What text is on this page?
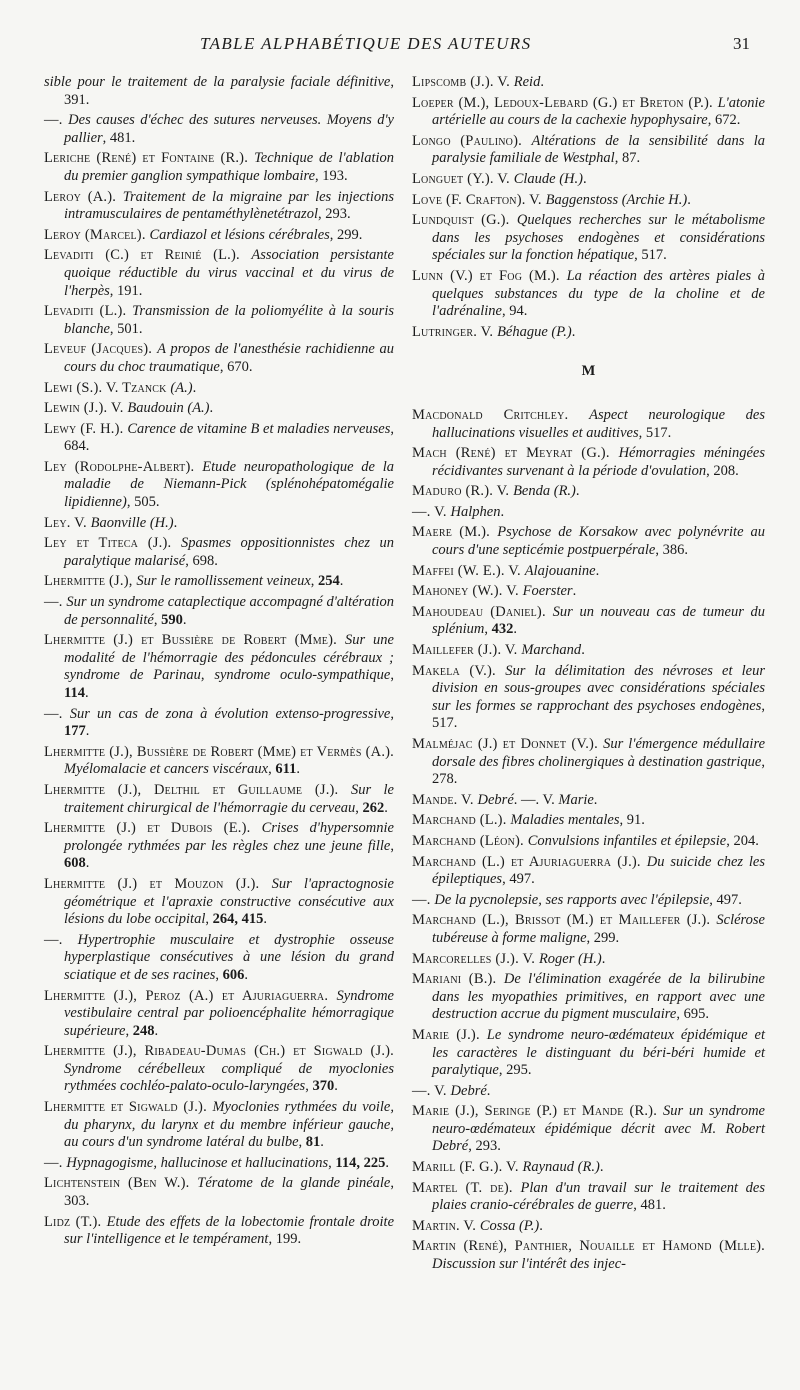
TABLE ALPHABÉTIQUE DES AUTEURS	31

sible pour le traitement de la paralysie faciale définitive, 391.

—. Des causes d'échec des sutures nerveuses. Moyens d'y pallier, 481.

Leriche (René) et Fontaine (R.). Technique de l'ablation du premier ganglion sympathique lombaire, 193.

Leroy (A.). Traitement de la migraine par les injections intramusculaires de pentaméthylènetétrazol, 293.

Leroy (Marcel). Cardiazol et lésions cérébrales, 299.

Levaditi (C.) et Reinié (L.). Association persistante quoique réductible du virus vaccinal et du virus de l'herpès, 191.

Levaditi (L.). Transmission de la poliomyélite à la souris blanche, 501.

Leveuf (Jacques). A propos de l'anesthésie rachidienne au cours du choc traumatique, 670.

Lewi (S.). V. Tzanck (A.).

Lewin (J.). V. Baudouin (A.).

Lewy (F. H.). Carence de vitamine B et maladies nerveuses, 684.

Ley (Rodolphe-Albert). Etude neuropathologique de la maladie de Niemann-Pick (splénohépatomégalie lipidienne), 505.

Ley. V. Baonville (H.).

Ley et Titeca (J.). Spasmes oppositionnistes chez un paralytique malarisé, 698.

Lhermitte (J.), Sur le ramollissement veineux, 254.

—. Sur un syndrome cataplectique accompagné d'altération de personnalité, 590.

Lhermitte (J.) et Bussière de Robert (Mme). Sur une modalité de l'hémorragie des pédoncules cérébraux ; syndrome de Parinau, syndrome oculo-sympathique, 114.

—. Sur un cas de zona à évolution extenso-progressive, 177.

Lhermitte (J.), Bussière de Robert (Mme) et Vermès (A.). Myélomalacie et cancers viscéraux, 611.

Lhermitte (J.), Delthil et Guillaume (J.). Sur le traitement chirurgical de l'hémorragie du cerveau, 262.

Lhermitte (J.) et Dubois (E.). Crises d'hypersomnie prolongée rythmées par les règles chez une jeune fille, 608.

Lhermitte (J.) et Mouzon (J.). Sur l'apractognosie géométrique et l'apraxie constructive consécutive aux lésions du lobe occipital, 264, 415.

—. Hypertrophie musculaire et dystrophie osseuse hyperplastique consécutives à une lésion du grand sciatique et de ses racines, 606.

Lhermitte (J.), Peroz (A.) et Ajuriaguerra. Syndrome vestibulaire central par polioencéphalite hémorragique supérieure, 248.

Lhermitte (J.), Ribadeau-Dumas (Ch.) et Sigwald (J.). Syndrome cérébelleux compliqué de myoclonies rythmées cochléo-palato-oculo-laryngées, 370.

Lhermitte et Sigwald (J.). Myoclonies rythmées du voile, du pharynx, du larynx et du membre inférieur gauche, au cours d'un syndrome latéral du bulbe, 81.

—. Hypnagogisme, hallucinose et hallucinations, 114, 225.

Lichtenstein (Ben W.). Tératome de la glande pinéale, 303.

Lidz (T.). Etude des effets de la lobectomie frontale droite sur l'intelligence et le tempérament, 199.

Lipscomb (J.). V. Reid.

Loeper (M.), Ledoux-Lebard (G.) et Breton (P.). L'atonie artérielle au cours de la cachexie hypophysaire, 672.

Longo (Paulino). Altérations de la sensibilité dans la paralysie familiale de Westphal, 87.

Longuet (Y.). V. Claude (H.).

Love (F. Crafton). V. Baggenstoss (Archie H.).

Lundquist (G.). Quelques recherches sur le métabolisme dans les psychoses endogènes et considérations spéciales sur la fonction hépatique, 517.

Lunn (V.) et Fog (M.). La réaction des artères piales à quelques substances du type de la choline et de l'adrénaline, 94.

Lutringer. V. Béhague (P.).

M

Macdonald Critchley. Aspect neurologique des hallucinations visuelles et auditives, 517.

Mach (René) et Meyrat (G.). Hémorragies méningées récidivantes survenant à la période d'ovulation, 208.

Maduro (R.). V. Benda (R.).

—. V. Halphen.

Maere (M.). Psychose de Korsakow avec polynévrite au cours d'une septicémie postpuerpérale, 386.

Maffei (W. E.). V. Alajouanine.

Mahoney (W.). V. Foerster.

Mahoudeau (Daniel). Sur un nouveau cas de tumeur du splénium, 432.

Maillefer (J.). V. Marchand.

Makela (V.). Sur la délimitation des névroses et leur division en sous-groupes avec considérations spéciales sur les formes se rapprochant des psychoses endogènes, 517.

Malméjac (J.) et Donnet (V.). Sur l'émergence médullaire dorsale des fibres cholinergiques à destination gastrique, 278.

Mande. V. Debré. —. V. Marie.

Marchand (L.). Maladies mentales, 91.

Marchand (Léon). Convulsions infantiles et épilepsie, 204.

Marchand (L.) et Ajuriaguerra (J.). Du suicide chez les épileptiques, 497.

—. De la pycnolepsie, ses rapports avec l'épilepsie, 497.

Marchand (L.), Brissot (M.) et Maillefer (J.). Sclérose tubéreuse à forme maligne, 299.

Marcorelles (J.). V. Roger (H.).

Mariani (B.). De l'élimination exagérée de la bilirubine dans les myopathies primitives, en rapport avec une destruction accrue du pigment musculaire, 695.

Marie (J.). Le syndrome neuro-œdémateux épidémique et les caractères le distinguant du béri-béri humide et paralytique, 295.

—. V. Debré.

Marie (J.), Seringe (P.) et Mande (R.). Sur un syndrome neuro-œdémateux épidémique décrit avec M. Robert Debré, 293.

Marill (F. G.). V. Raynaud (R.).

Martel (T. de). Plan d'un travail sur le traitement des plaies cranio-cérébrales de guerre, 481.

Martin. V. Cossa (P.).

Martin (René), Panthier, Nouaille et Hamond (Mlle). Discussion sur l'intérêt des injec-
